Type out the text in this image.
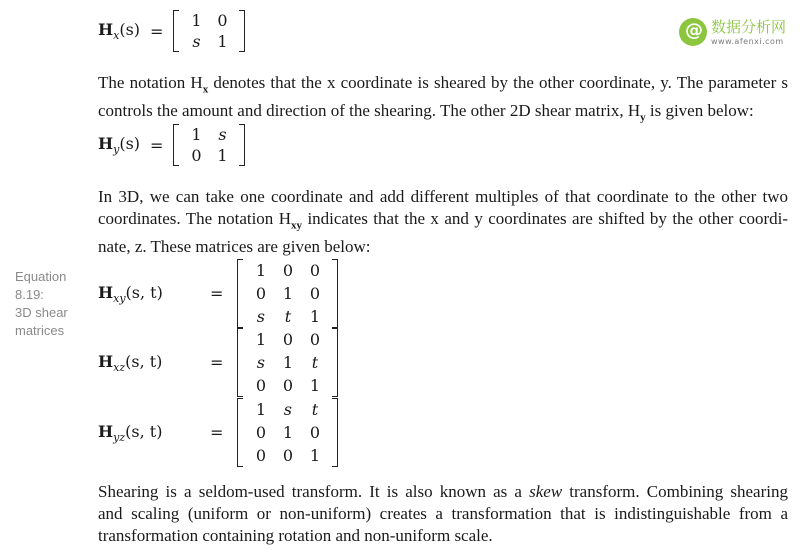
@
数据分析网
www.afenxi.com
$H_x(s)$ =
1 0
s	1
The notation $H_x$ denotes that the x coordinate is sheared by the other coordinate, y. The parameter s
controls the amount and direction of the shearing. The other 2D shear matrix, $H_y$ is given below:
$H_y(s)$ =
1	s
0 1
In 3D, we can take one coordinate and add different multiples of that coordinate to the other two
coordinates. The notation $H_{xy}$ indicates that the x and y coordinates are shifted by the other coordi-
nate, z. These matrices are given below:
Equation 8.19:
3D shear
matrices
$H_{xy}(s$, t)	=
1	0	0
0	1	0
s	t	1
$H_{xz}(s$, t)	=
1	0	0
s	1	t
0	0	1
$H_{yz}(s$, t)	=
1	s	t
0	1	0
0	0	1
Shearing is a seldom-used transform. It is also known as a skew transform. Combining shearing
and scaling (uniform or non-uniform) creates a transformation that is indistinguishable from a
transformation containing rotation and non-uniform scale.
